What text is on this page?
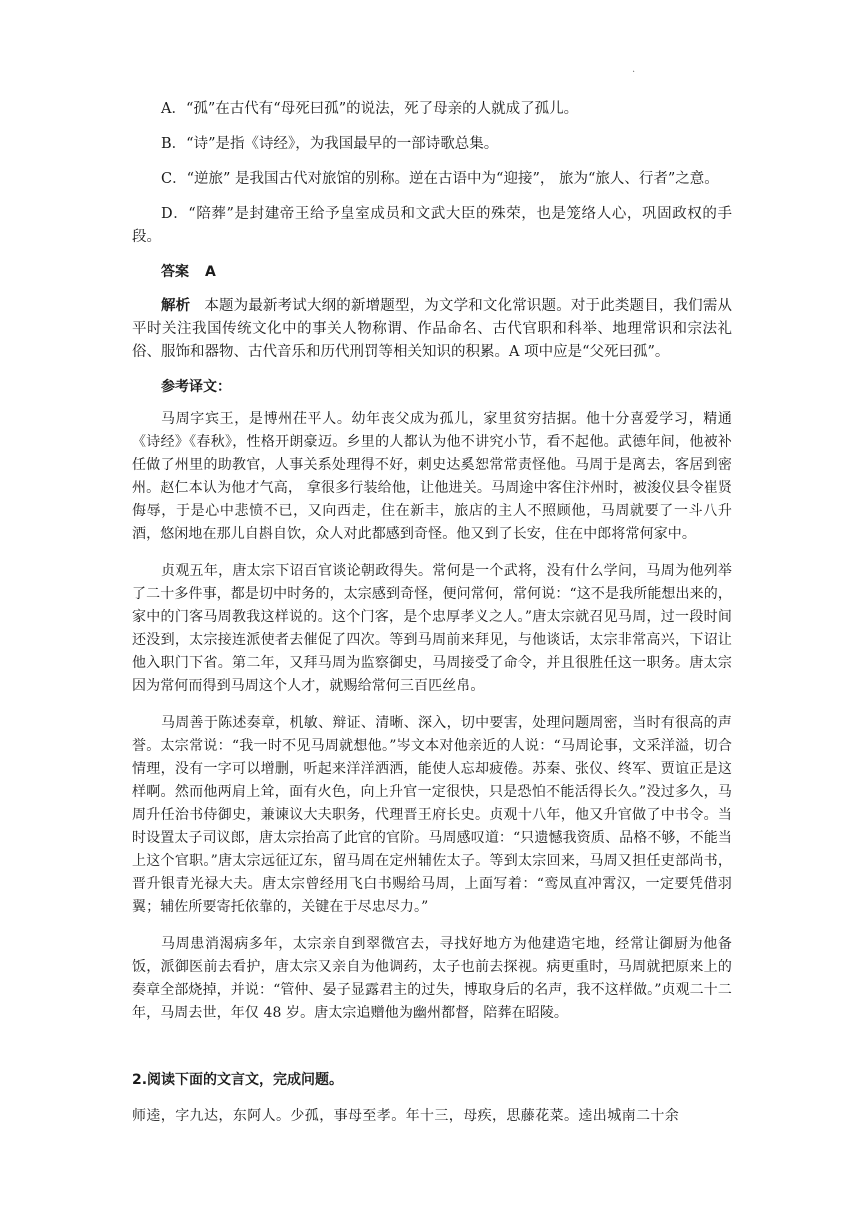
.

A．“孤”在古代有“母死曰孤”的说法，死了母亲的人就成了孤儿。

B．“诗”是指《诗经》，为我国最早的一部诗歌总集。

C．“逆旅” 是我国古代对旅馆的别称。逆在古语中为“迎接”， 旅为“旅人、行者”之意。

D．“陪葬”是封建帝王给予皇室成员和文武大臣的殊荣，也是笼络人心，巩固政权的手段。

答案 A

解析 本题为最新考试大纲的新增题型，为文学和文化常识题。对于此类题目，我们需从平时关注我国传统文化中的事关人物称谓、作品命名、古代官职和科举、地理常识和宗法礼俗、服饰和器物、古代音乐和历代刑罚等相关知识的积累。A 项中应是“父死曰孤”。

参考译文：

马周字宾王，是博州茌平人。幼年丧父成为孤儿，家里贫穷拮据。他十分喜爱学习，精通《诗经》《春秋》，性格开朗豪迈。乡里的人都认为他不讲究小节，看不起他。武德年间，他被补任做了州里的助教官，人事关系处理得不好，刺史达奚恕常常责怪他。马周于是离去，客居到密州。赵仁本认为他才气高， 拿很多行装给他，让他进关。马周途中客住汴州时，被浚仪县令崔贤侮辱，于是心中悲愤不已，又向西走，住在新丰，旅店的主人不照顾他，马周就要了一斗八升酒，悠闲地在那儿自斟自饮，众人对此都感到奇怪。他又到了长安，住在中郎将常何家中。

贞观五年，唐太宗下诏百官谈论朝政得失。常何是一个武将，没有什么学问，马周为他列举了二十多件事，都是切中时务的，太宗感到奇怪，便问常何，常何说：“这不是我所能想出来的，家中的门客马周教我这样说的。这个门客，是个忠厚孝义之人。”唐太宗就召见马周，过一段时间还没到，太宗接连派使者去催促了四次。等到马周前来拜见，与他谈话，太宗非常高兴，下诏让他入职门下省。第二年，又拜马周为监察御史，马周接受了命令，并且很胜任这一职务。唐太宗因为常何而得到马周这个人才，就赐给常何三百匹丝帛。

马周善于陈述奏章，机敏、辩证、清晰、深入，切中要害，处理问题周密，当时有很高的声誉。太宗常说：“我一时不见马周就想他。”岑文本对他亲近的人说：“马周论事，文采洋溢，切合情理，没有一字可以增删，听起来洋洋洒洒，能使人忘却疲倦。苏秦、张仪、终军、贾谊正是这样啊。然而他两肩上耸，面有火色，向上升官一定很快，只是恐怕不能活得长久。”没过多久，马周升任治书侍御史，兼谏议大夫职务，代理晋王府长史。贞观十八年，他又升官做了中书令。当时设置太子司议郎，唐太宗抬高了此官的官阶。马周感叹道：“只遗憾我资质、品格不够，不能当上这个官职。”唐太宗远征辽东，留马周在定州辅佐太子。等到太宗回来，马周又担任吏部尚书，晋升银青光禄大夫。唐太宗曾经用飞白书赐给马周，上面写着：“鸾凤直冲霄汉，一定要凭借羽翼；辅佐所要寄托依靠的，关键在于尽忠尽力。”

马周患消渴病多年，太宗亲自到翠微宫去，寻找好地方为他建造宅地，经常让御厨为他备饭，派御医前去看护，唐太宗又亲自为他调药，太子也前去探视。病更重时，马周就把原来上的奏章全部烧掉，并说：“管仲、晏子显露君主的过失，博取身后的名声，我不这样做。”贞观二十二年，马周去世，年仅 48 岁。唐太宗追赠他为幽州都督，陪葬在昭陵。

2.阅读下面的文言文，完成问题。

师逵，字九达，东阿人。少孤，事母至孝。年十三，母疾，思藤花菜。逵出城南二十余
